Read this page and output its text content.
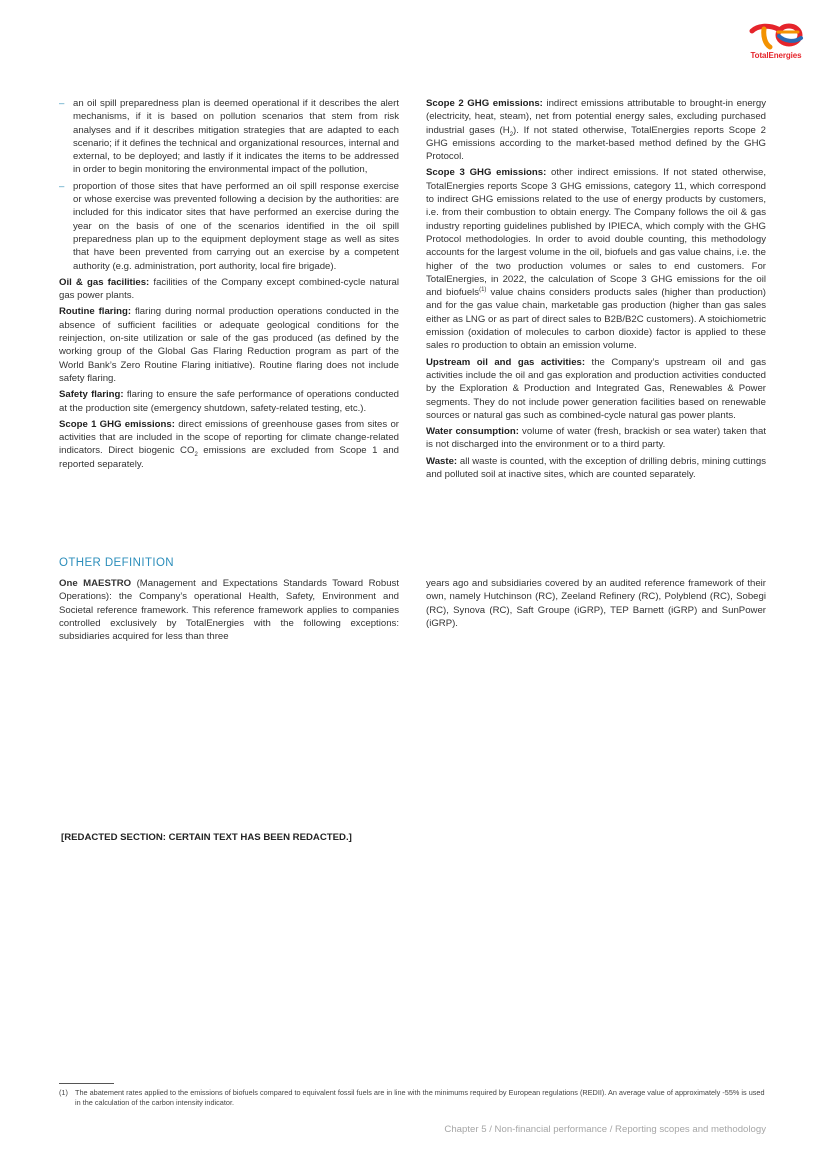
TotalEnergies

– an oil spill preparedness plan is deemed operational if it describes the alert mechanisms, if it is based on pollution scenarios that stem from risk analyses and if it describes mitigation strategies that are adapted to each scenario; if it defines the technical and organizational resources, internal and external, to be deployed; and lastly if it indicates the items to be addressed in order to begin monitoring the environmental impact of the pollution,

– proportion of those sites that have performed an oil spill response exercise or whose exercise was prevented following a decision by the authorities: are included for this indicator sites that have performed an exercise during the year on the basis of one of the scenarios identified in the oil spill preparedness plan up to the equipment deployment stage as well as sites that have been prevented from carrying out an exercise by a competent authority (e.g. administration, port authority, local fire brigade).

Oil & gas facilities: facilities of the Company except combined-cycle natural gas power plants.

Routine flaring: flaring during normal production operations conducted in the absence of sufficient facilities or adequate geological conditions for the reinjection, on-site utilization or sale of the gas produced (as defined by the working group of the Global Gas Flaring Reduction program as part of the World Bank’s Zero Routine Flaring initiative). Routine flaring does not include safety flaring.

Safety flaring: flaring to ensure the safe performance of operations conducted at the production site (emergency shutdown, safety-related testing, etc.).

Scope 1 GHG emissions: direct emissions of greenhouse gases from sites or activities that are included in the scope of reporting for climate change-related indicators. Direct biogenic $CO_2$ emissions are excluded from Scope 1 and reported separately.

Scope 2 GHG emissions: indirect emissions attributable to brought-in energy (electricity, heat, steam), net from potential energy sales, excluding purchased industrial gases $(H_2)$. If not stated otherwise, TotalEnergies reports Scope 2 GHG emissions according to the market-based method defined by the GHG Protocol.

Scope 3 GHG emissions: other indirect emissions. If not stated otherwise, TotalEnergies reports Scope 3 GHG emissions, category 11, which correspond to indirect GHG emissions related to the use of energy products by customers, i.e. from their combustion to obtain energy. The Company follows the oil & gas industry reporting guidelines published by IPIECA, which comply with the GHG Protocol methodologies. In order to avoid double counting, this methodology accounts for the largest volume in the oil, biofuels and gas value chains, i.e. the higher of the two production volumes or sales to end customers. For TotalEnergies, in 2022, the calculation of Scope 3 GHG emissions for the oil and biofuels$^{(1)}$ value chains considers products sales (higher than production) and for the gas value chain, marketable gas production (higher than gas sales either as LNG or as part of direct sales to B2B/B2C customers). A stoichiometric emission (oxidation of molecules to carbon dioxide) factor is applied to these sales ro production to obtain an emission volume.

Upstream oil and gas activities: the Company’s upstream oil and gas activities include the oil and gas exploration and production activities conducted by the Exploration & Production and Integrated Gas, Renewables & Power segments. They do not include power generation facilities based on renewable sources or natural gas such as combined-cycle natural gas power plants.

Water consumption: volume of water (fresh, brackish or sea water) taken that is not discharged into the environment or to a third party.

Waste: all waste is counted, with the exception of drilling debris, mining cuttings and polluted soil at inactive sites, which are counted separately.

OTHER DEFINITION
One MAESTRO (Management and Expectations Standards Toward Robust Operations): the Company’s operational Health, Safety, Environment and Societal reference framework. This reference framework applies to companies controlled exclusively by TotalEnergies with the following exceptions: subsidiaries acquired for less than three
years ago and subsidiaries covered by an audited reference framework of their own, namely Hutchinson (RC), Zeeland Refinery (RC), Polyblend (RC), Sobegi (RC), Synova (RC), Saft Groupe (iGRP), TEP Barnett (iGRP) and SunPower (iGRP).
[REDACTED SECTION: CERTAIN TEXT HAS BEEN REDACTED.]
(1) The abatement rates applied to the emissions of biofuels compared to equivalent fossil fuels are in line with the minimums required by European regulations (REDII). An average value of approximately -55% is used in the calculation of the carbon intensity indicator.
Chapter 5 / Non-financial performance / Reporting scopes and methodology
